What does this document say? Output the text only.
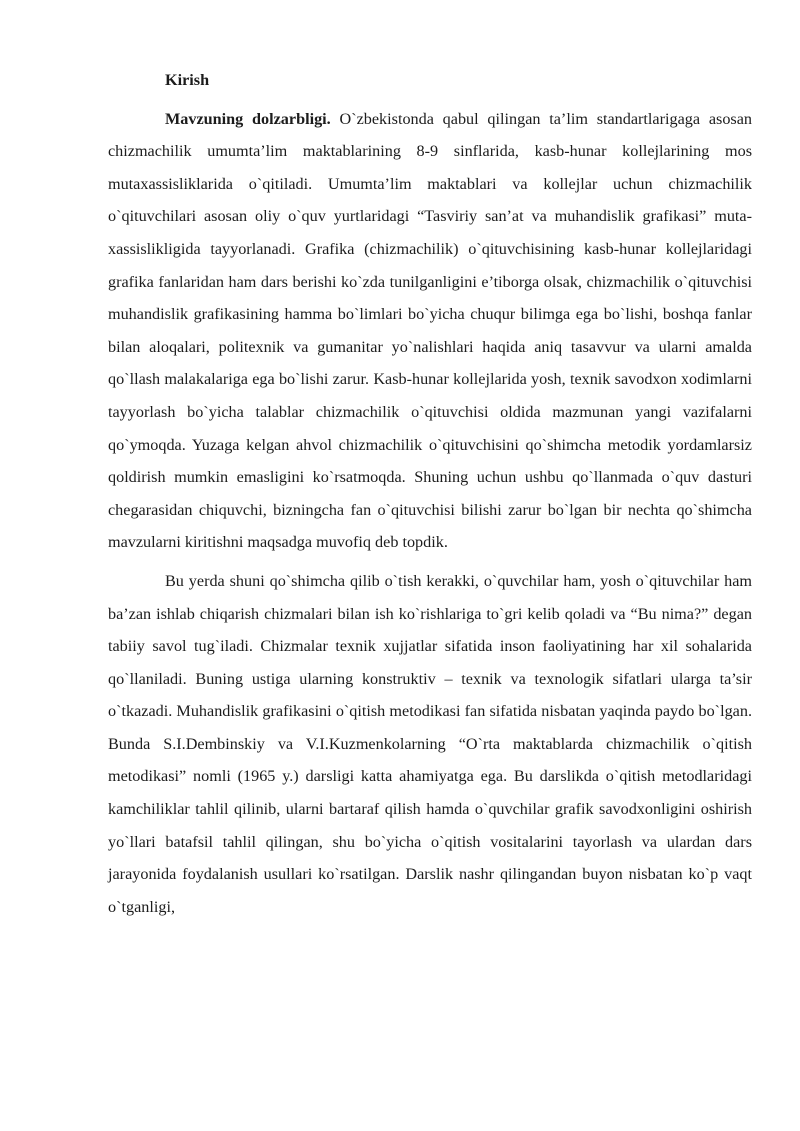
Kirish

Mavzuning dolzarbligi. O`zbekistonda qabul qilingan ta’lim standartlarigaga asosan chizmachilik umumta’lim maktablarining 8-9 sinflarida, kasb-hunar kollejlarining mos mutaxassisliklarida o`qitiladi. Umumta’lim maktablari va kollejlar uchun chizmachilik o`qituvchilari asosan oliy o`quv yurtlaridagi “Tasviriy san’at va muhandislik grafikasi” muta-xassislikligida tayyorlanadi. Grafika (chizmachilik) o`qituvchisining kasb-hunar kollejlaridagi grafika fanlaridan ham dars berishi ko`zda tunilganligini e’tiborga olsak, chizmachilik o`qituvchisi muhandislik grafikasining hamma bo`limlari bo`yicha chuqur bilimga ega bo`lishi, boshqa fanlar bilan aloqalari, politexnik va gumanitar yo`nalishlari haqida aniq tasavvur va ularni amalda qo`llash malakalariga ega bo`lishi zarur. Kasb-hunar kollejlarida yosh, texnik savodxon xodimlarni tayyorlash bo`yicha talablar chizmachilik o`qituvchisi oldida mazmunan yangi vazifalarni qo`ymoqda. Yuzaga kelgan ahvol chizmachilik o`qituvchisini qo`shimcha metodik yordamlarsiz qoldirish mumkin emasligini ko`rsatmoqda. Shuning uchun ushbu qo`llanmada o`quv dasturi chegarasidan chiquvchi, bizningcha fan o`qituvchisi bilishi zarur bo`lgan bir nechta qo`shimcha mavzularni kiritishni maqsadga muvofiq deb topdik.

Bu yerda shuni qo`shimcha qilib o`tish kerakki, o`quvchilar ham, yosh o`qituvchilar ham ba’zan ishlab chiqarish chizmalari bilan ish ko`rishlariga to`gri kelib qoladi va “Bu nima?” degan tabiiy savol tug`iladi. Chizmalar texnik xujjatlar sifatida inson faoliyatining har xil sohalarida qo`llaniladi. Buning ustiga ularning konstruktiv – texnik va texnologik sifatlari ularga ta’sir o`tkazadi. Muhandislik grafikasini o`qitish metodikasi fan sifatida nisbatan yaqinda paydo bo`lgan. Bunda S.I.Dembinskiy va V.I.Kuzmenkolarning “O`rta maktablarda chizmachilik o`qitish metodikasi” nomli (1965 y.) darsligi katta ahamiyatga ega. Bu darslikda o`qitish metodlaridagi kamchiliklar tahlil qilinib, ularni bartaraf qilish hamda o`quvchilar grafik savodxonligini oshirish yo`llari batafsil tahlil qilingan, shu bo`yicha o`qitish vositalarini tayorlash va ulardan dars jarayonida foydalanish usullari ko`rsatilgan. Darslik nashr qilingandan buyon nisbatan ko`p vaqt o`tganligi,
